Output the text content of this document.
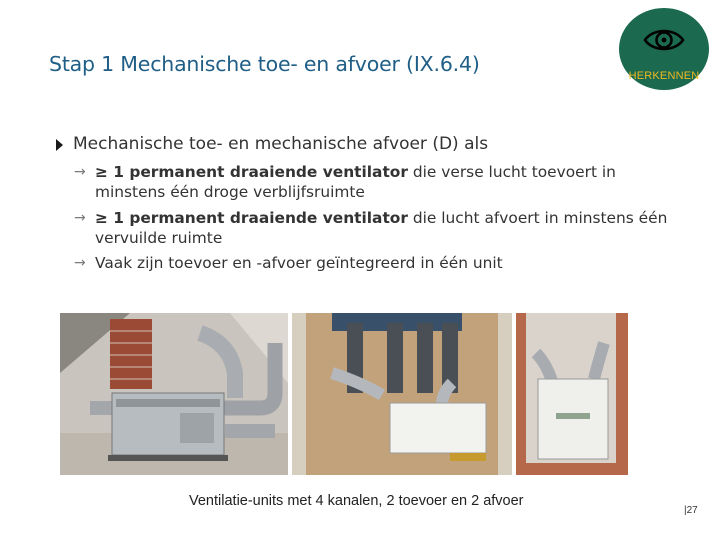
Stap 1 Mechanische toe- en afvoer (IX.6.4)	HERKENNEN
Mechanische toe- en mechanische afvoer (D) als
→ ≥ 1 permanent draaiende ventilator die verse lucht toevoert in minstens één droge verblijfsruimte
→ ≥ 1 permanent draaiende ventilator die lucht afvoert in minstens één vervuilde ruimte
→ Vaak zijn toevoer en -afvoer geïntegreerd in één unit
Ventilatie-units met 4 kanalen, 2 toevoer en 2 afvoer
|27
